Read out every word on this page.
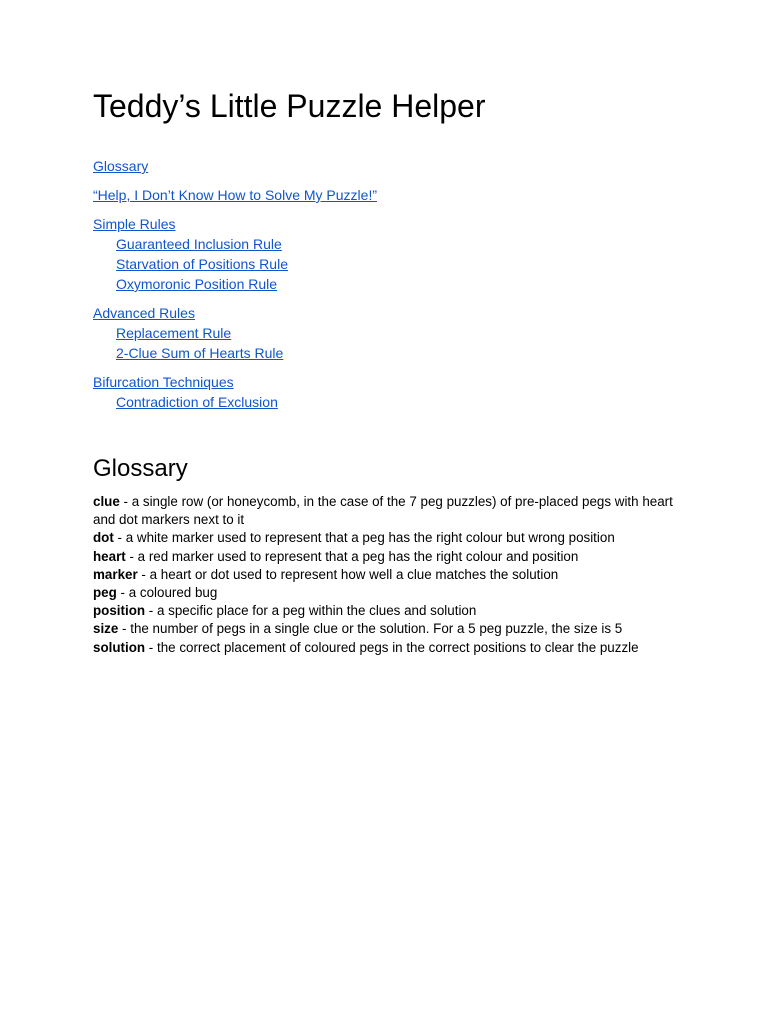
Teddy’s Little Puzzle Helper
Glossary
“Help, I Don’t Know How to Solve My Puzzle!”
Simple Rules
Guaranteed Inclusion Rule
Starvation of Positions Rule
Oxymoronic Position Rule
Advanced Rules
Replacement Rule
2-Clue Sum of Hearts Rule
Bifurcation Techniques
Contradiction of Exclusion
Glossary

clue - a single row (or honeycomb, in the case of the 7 peg puzzles) of pre-placed pegs with heart and dot markers next to it

dot - a white marker used to represent that a peg has the right colour but wrong position

heart - a red marker used to represent that a peg has the right colour and position

marker - a heart or dot used to represent how well a clue matches the solution

peg - a coloured bug

position - a specific place for a peg within the clues and solution

size - the number of pegs in a single clue or the solution. For a 5 peg puzzle, the size is 5

solution - the correct placement of coloured pegs in the correct positions to clear the puzzle
